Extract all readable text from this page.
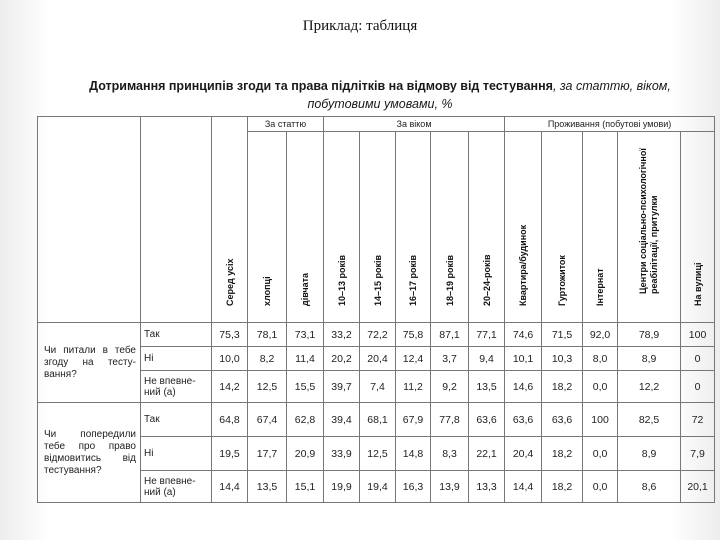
Приклад: таблиця
Дотримання принципів згоди та права підлітків на відмову від тестування, за статтю, віком, побутовими умовами, %

		Серед усіх	За статтю		За віком					Проживання (побутові умови)				

			хлопці	дівчата	10–13 років	14–15 років	16–17 років	18–19 років	20–24-років	Квартира/будинок	Гуртожиток	Інтернат	Центри соціально-психологічної реабілітації, притулки	На вулиці

Чи питали в тебе згоду на тесту-вання?	Так	75,3	78,1	73,1	33,2	72,2	75,8	87,1	77,1	74,6	71,5	92,0	78,9	100
	Ні	10,0	8,2	11,4	20,2	20,4	12,4	3,7	9,4	10,1	10,3	8,0	8,9	0
	Не впевне-ний (а)	14,2	12,5	15,5	39,7	7,4	11,2	9,2	13,5	14,6	18,2	0,0	12,2	0
Чи попередили тебе про право відмовитись від тестування?	Так	64,8	67,4	62,8	39,4	68,1	67,9	77,8	63,6	63,6	63,6	100	82,5	72
	Ні	19,5	17,7	20,9	33,9	12,5	14,8	8,3	22,1	20,4	18,2	0,0	8,9	7,9
	Не впевне-ний (а)	14,4	13,5	15,1	19,9	19,4	16,3	13,9	13,3	14,4	18,2	0,0	8,6	20,1
